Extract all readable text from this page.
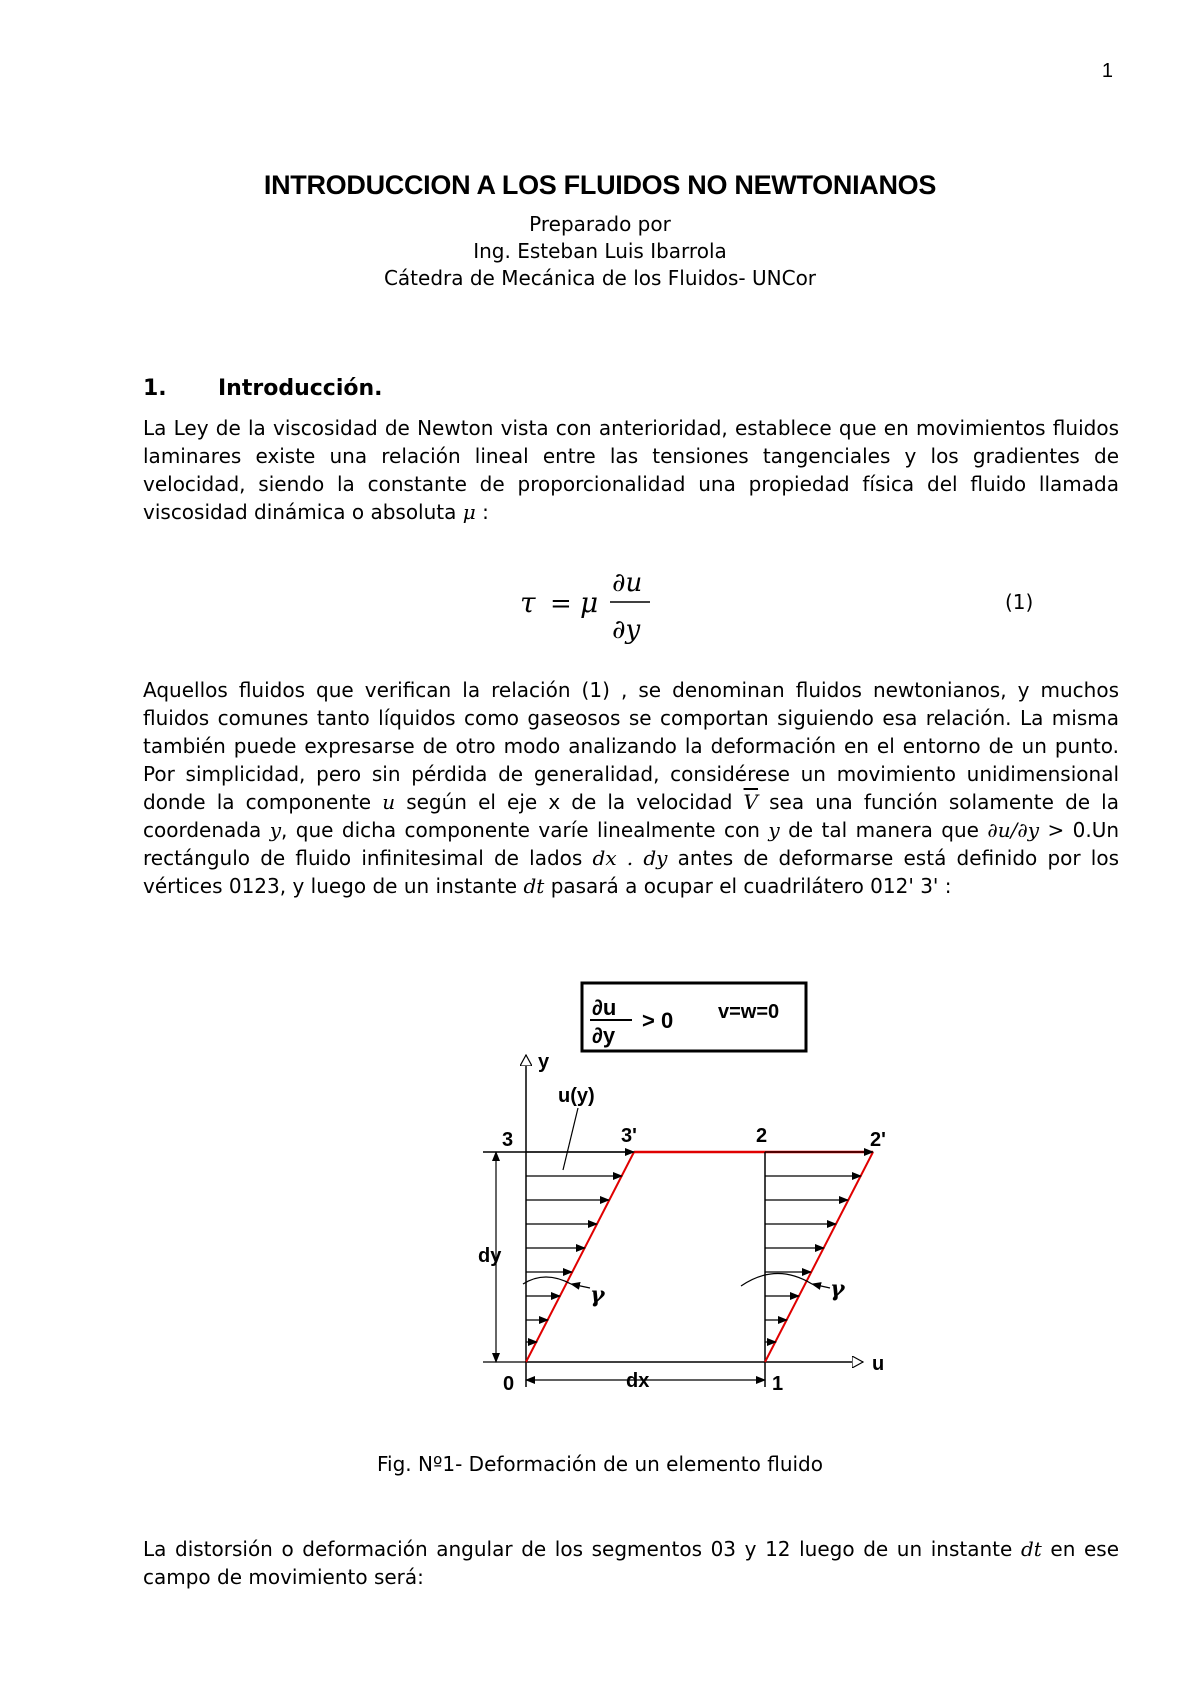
1
INTRODUCCION A LOS FLUIDOS NO NEWTONIANOS
Preparado por
Ing. Esteban Luis Ibarrola
Cátedra de Mecánica de los Fluidos- UNCor
1. Introducción.
La Ley de la viscosidad de Newton vista con anterioridad, establece que en movimientos fluidos laminares existe una relación lineal entre las tensiones tangenciales y los gradientes de velocidad, siendo la constante de proporcionalidad una propiedad física del fluido llamada viscosidad dinámica o absoluta μ :
τ = μ
∂u
∂y
(1)
Aquellos fluidos que verifican la relación (1) , se denominan fluidos newtonianos, y muchos fluidos comunes tanto líquidos como gaseosos se comportan siguiendo esa relación. La misma también puede expresarse de otro modo analizando la deformación en el entorno de un punto. Por simplicidad, pero sin pérdida de generalidad, considérese un movimiento unidimensional donde la componente u según el eje x de la velocidad $\overline{V}$ sea una función solamente de la coordenada y, que dicha componente varíe linealmente con y de tal manera que ∂u/∂y > 0.Un rectángulo de fluido infinitesimal de lados dx . dy antes de deformarse está definido por los vértices 0123, y luego de un instante dt pasará a ocupar el cuadrilátero 012' 3' :
∂u
∂y
> 0 v=w=0
y
u
u(y)
dy
dx
γ	γ
3	3'	2	2'
0	1
Fig. Nº1- Deformación de un elemento fluido
La distorsión o deformación angular de los segmentos 03 y 12 luego de un instante dt en ese campo de movimiento será:
